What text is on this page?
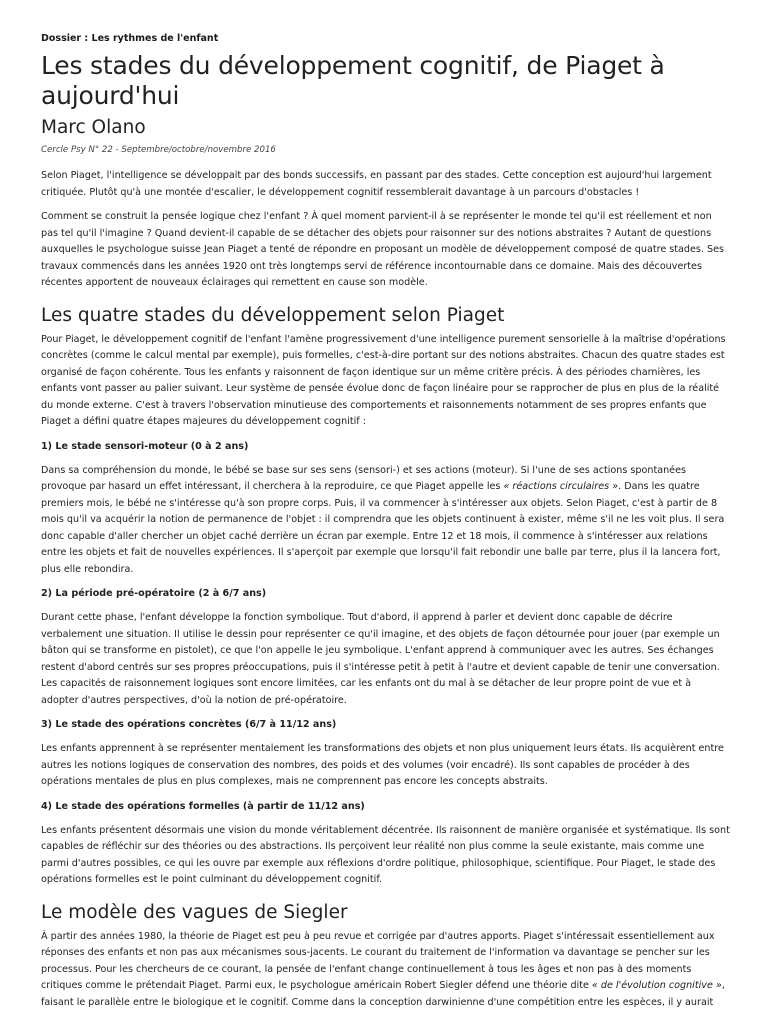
Dossier : Les rythmes de l'enfant
Les stades du développement cognitif, de Piaget à aujourd'hui
Marc Olano
Cercle Psy N° 22 - Septembre/octobre/novembre 2016

Selon Piaget, l'intelligence se développait par des bonds successifs, en passant par des stades. Cette conception est aujourd'hui largement critiquée. Plutôt qu'à une montée d'escalier, le développement cognitif ressemblerait davantage à un parcours d'obstacles !

Comment se construit la pensée logique chez l'enfant ? À quel moment parvient-il à se représenter le monde tel qu'il est réellement et non pas tel qu'il l'imagine ? Quand devient-il capable de se détacher des objets pour raisonner sur des notions abstraites ? Autant de questions auxquelles le psychologue suisse Jean Piaget a tenté de répondre en proposant un modèle de développement composé de quatre stades. Ses travaux commencés dans les années 1920 ont très longtemps servi de référence incontournable dans ce domaine. Mais des découvertes récentes apportent de nouveaux éclairages qui remettent en cause son modèle.

Les quatre stades du développement selon Piaget

Pour Piaget, le développement cognitif de l'enfant l'amène progressivement d'une intelligence purement sensorielle à la maîtrise d'opérations concrètes (comme le calcul mental par exemple), puis formelles, c'est-à-dire portant sur des notions abstraites. Chacun des quatre stades est organisé de façon cohérente. Tous les enfants y raisonnent de façon identique sur un même critère précis. À des périodes charnières, les enfants vont passer au palier suivant. Leur système de pensée évolue donc de façon linéaire pour se rapprocher de plus en plus de la réalité du monde externe. C'est à travers l'observation minutieuse des comportements et raisonnements notamment de ses propres enfants que Piaget a défini quatre étapes majeures du développement cognitif :

1) Le stade sensori-moteur (0 à 2 ans)

Dans sa compréhension du monde, le bébé se base sur ses sens (sensori-) et ses actions (moteur). Si l'une de ses actions spontanées provoque par hasard un effet intéressant, il cherchera à la reproduire, ce que Piaget appelle les « réactions circulaires ». Dans les quatre premiers mois, le bébé ne s'intéresse qu'à son propre corps. Puis, il va commencer à s'intéresser aux objets. Selon Piaget, c'est à partir de 8 mois qu'il va acquérir la notion de permanence de l'objet : il comprendra que les objets continuent à exister, même s'il ne les voit plus. Il sera donc capable d'aller chercher un objet caché derrière un écran par exemple. Entre 12 et 18 mois, il commence à s'intéresser aux relations entre les objets et fait de nouvelles expériences. Il s'aperçoit par exemple que lorsqu'il fait rebondir une balle par terre, plus il la lancera fort, plus elle rebondira.

2) La période pré-opératoire (2 à 6/7 ans)

Durant cette phase, l'enfant développe la fonction symbolique. Tout d'abord, il apprend à parler et devient donc capable de décrire verbalement une situation. Il utilise le dessin pour représenter ce qu'il imagine, et des objets de façon détournée pour jouer (par exemple un bâton qui se transforme en pistolet), ce que l'on appelle le jeu symbolique. L'enfant apprend à communiquer avec les autres. Ses échanges restent d'abord centrés sur ses propres préoccupations, puis il s'intéresse petit à petit à l'autre et devient capable de tenir une conversation. Les capacités de raisonnement logiques sont encore limitées, car les enfants ont du mal à se détacher de leur propre point de vue et à adopter d'autres perspectives, d'où la notion de pré-opératoire.

3) Le stade des opérations concrètes (6/7 à 11/12 ans)

Les enfants apprennent à se représenter mentalement les transformations des objets et non plus uniquement leurs états. Ils acquièrent entre autres les notions logiques de conservation des nombres, des poids et des volumes (voir encadré). Ils sont capables de procéder à des opérations mentales de plus en plus complexes, mais ne comprennent pas encore les concepts abstraits.

4) Le stade des opérations formelles (à partir de 11/12 ans)

Les enfants présentent désormais une vision du monde véritablement décentrée. Ils raisonnent de manière organisée et systématique. Ils sont capables de réfléchir sur des théories ou des abstractions. Ils perçoivent leur réalité non plus comme la seule existante, mais comme une parmi d'autres possibles, ce qui les ouvre par exemple aux réflexions d'ordre politique, philosophique, scientifique. Pour Piaget, le stade des opérations formelles est le point culminant du développement cognitif.

Le modèle des vagues de Siegler

À partir des années 1980, la théorie de Piaget est peu à peu revue et corrigée par d'autres apports. Piaget s'intéressait essentiellement aux réponses des enfants et non pas aux mécanismes sous-jacents. Le courant du traitement de l'information va davantage se pencher sur les processus. Pour les chercheurs de ce courant, la pensée de l'enfant change continuellement à tous les âges et non pas à des moments critiques comme le prétendait Piaget. Parmi eux, le psychologue américain Robert Siegler défend une théorie dite « de l'évolution cognitive », faisant le parallèle entre le biologique et le cognitif. Comme dans la conception darwinienne d'une compétition entre les espèces, il y aurait
